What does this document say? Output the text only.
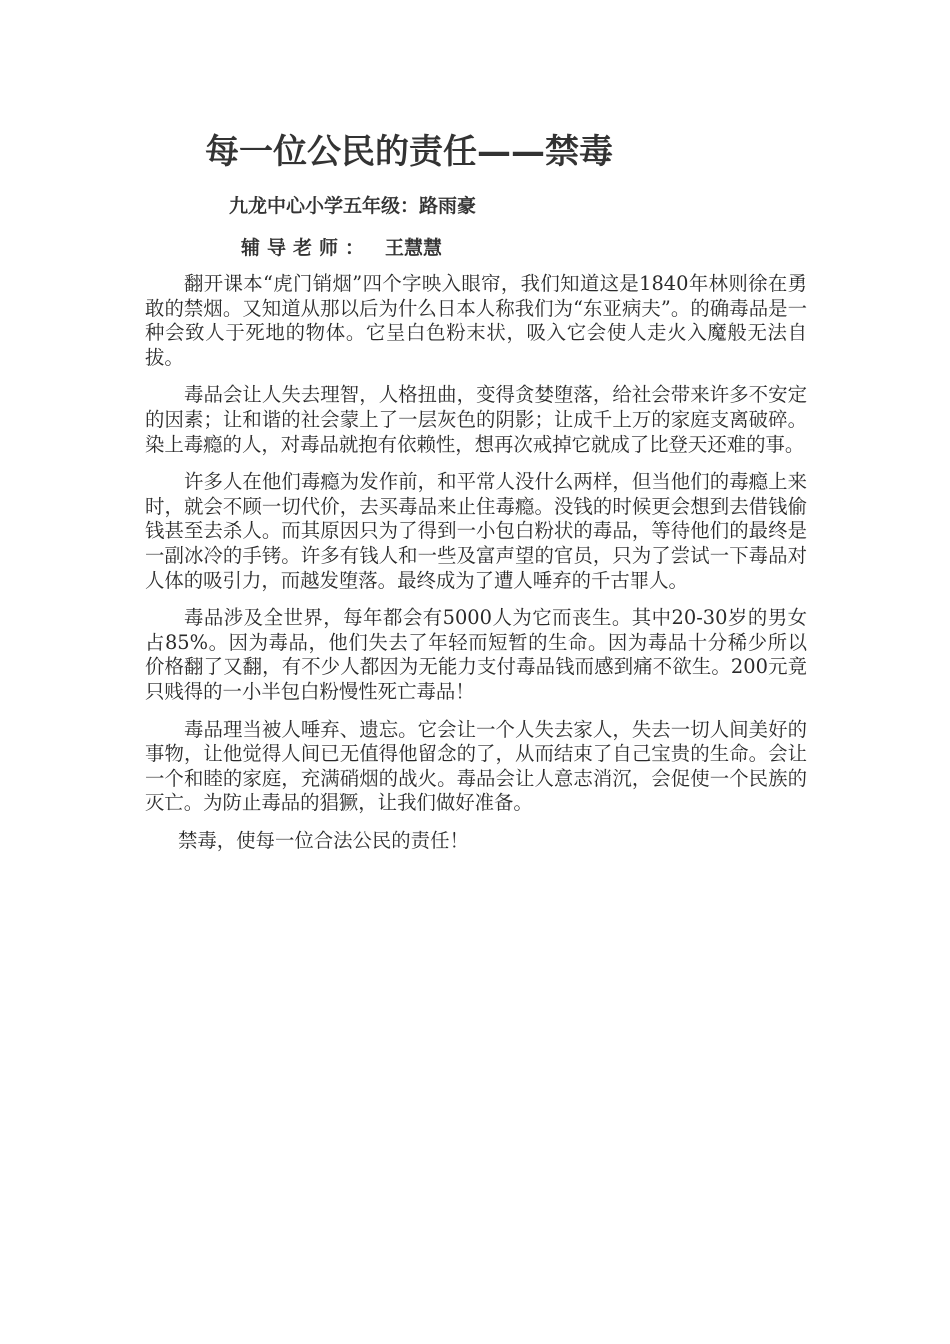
每一位公民的责任——禁毒
九龙中心小学五年级：路雨豪
辅导老师： 王慧慧

翻开课本“虎门销烟”四个字映入眼帘，我们知道这是1840年林则徐在勇敢的禁烟。又知道从那以后为什么日本人称我们为“东亚病夫”。的确毒品是一种会致人于死地的物体。它呈白色粉末状，吸入它会使人走火入魔般无法自拔。

毒品会让人失去理智，人格扭曲，变得贪婪堕落，给社会带来许多不安定的因素；让和谐的社会蒙上了一层灰色的阴影；让成千上万的家庭支离破碎。染上毒瘾的人，对毒品就抱有依赖性，想再次戒掉它就成了比登天还难的事。

许多人在他们毒瘾为发作前，和平常人没什么两样，但当他们的毒瘾上来时，就会不顾一切代价，去买毒品来止住毒瘾。没钱的时候更会想到去借钱偷钱甚至去杀人。而其原因只为了得到一小包白粉状的毒品，等待他们的最终是一副冰冷的手铐。许多有钱人和一些及富声望的官员，只为了尝试一下毒品对人体的吸引力，而越发堕落。最终成为了遭人唾弃的千古罪人。

毒品涉及全世界，每年都会有5000人为它而丧生。其中20-30岁的男女占85%。因为毒品，他们失去了年轻而短暂的生命。因为毒品十分稀少所以价格翻了又翻，有不少人都因为无能力支付毒品钱而感到痛不欲生。200元竟只贱得的一小半包白粉慢性死亡毒品！

毒品理当被人唾弃、遗忘。它会让一个人失去家人，失去一切人间美好的事物，让他觉得人间已无值得他留念的了，从而结束了自己宝贵的生命。会让一个和睦的家庭，充满硝烟的战火。毒品会让人意志消沉，会促使一个民族的灭亡。为防止毒品的猖獗，让我们做好准备。

禁毒，使每一位合法公民的责任！
